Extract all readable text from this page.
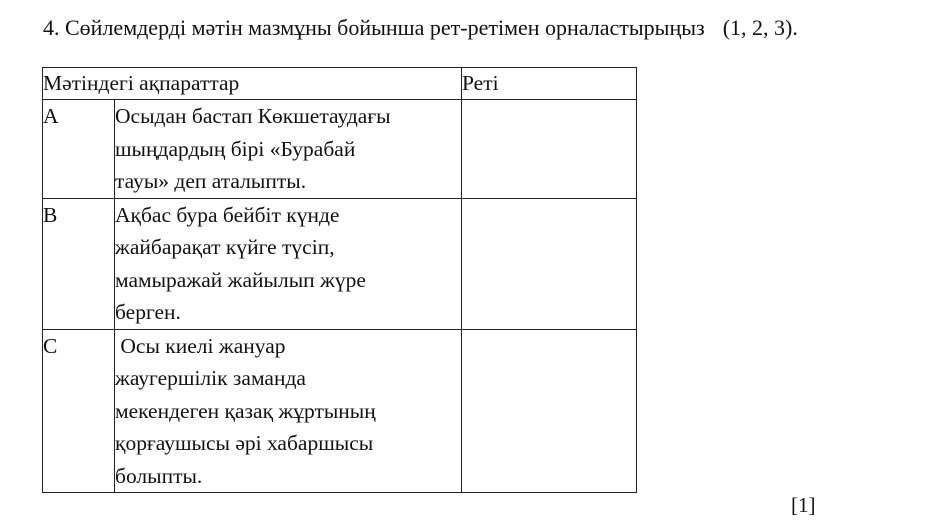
4. Сөйлемдерді мәтін мазмұны бойынша рет-ретімен орналастырыңыз (1, 2, 3).
Мәтіндегі ақпараттар		Реті
A	Осыдан бастап Көкшетаудағы
шыңдардың бірі «Бурабай
тауы» деп аталыпты.	

B	Ақбас бура бейбіт күнде
жайбарақат күйге түсіп,
мамыражай жайылып жүре
берген.	

C	Осы киелі жануар
жаугершілік заманда
мекендеген қазақ жұртының
қорғаушысы әрі хабаршысы
болыпты.	

[1]
